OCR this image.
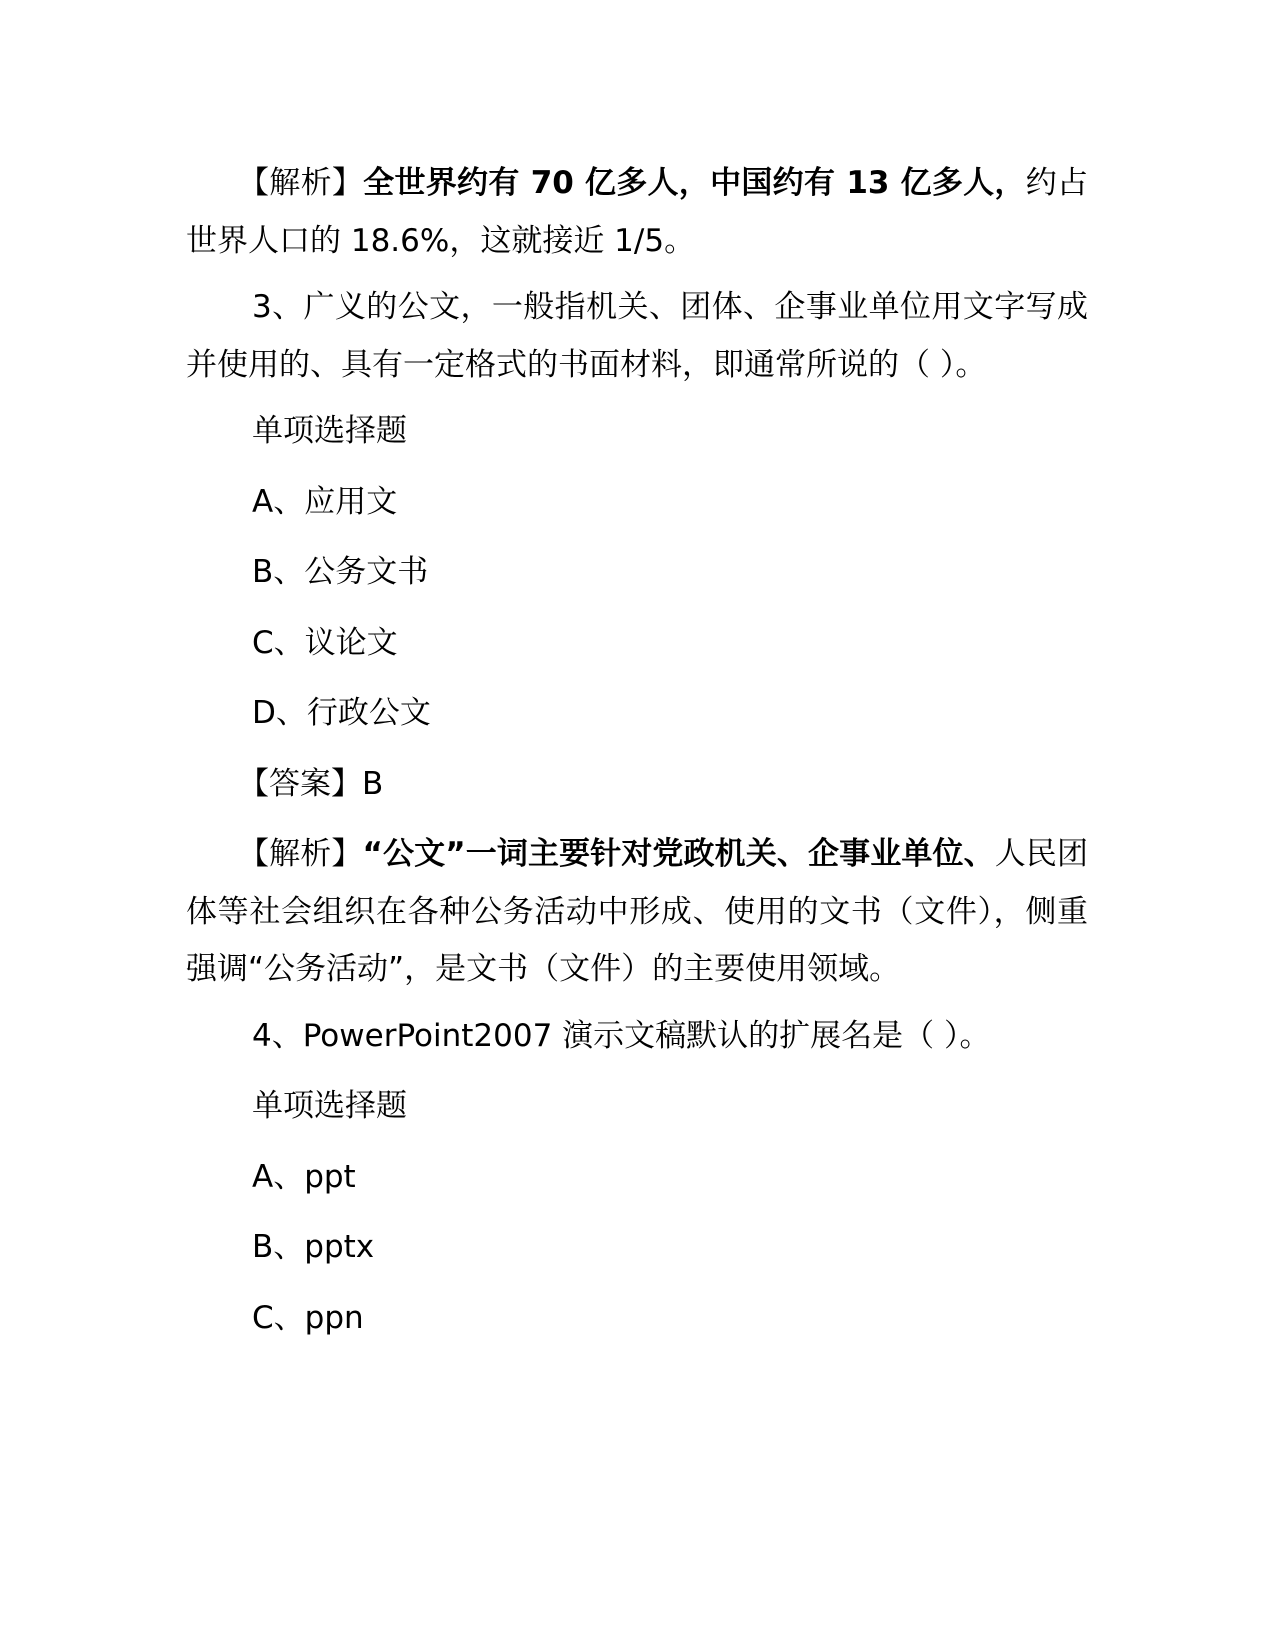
【解析】全世界约有 70 亿多人，中国约有 13 亿多人，约占世界人口的 18.6%，这就接近 1/5。

3、广义的公文，一般指机关、团体、企事业单位用文字写成并使用的、具有一定格式的书面材料，即通常所说的（ ）。

单项选择题
A、应用文
B、公务文书
C、议论文
D、行政公文
【答案】B

【解析】“公文”一词主要针对党政机关、企事业单位、人民团体等社会组织在各种公务活动中形成、使用的文书（文件），侧重强调“公务活动”，是文书（文件）的主要使用领域。

4、PowerPoint2007 演示文稿默认的扩展名是（ ）。
单项选择题
A、ppt
B、pptx
C、ppn
